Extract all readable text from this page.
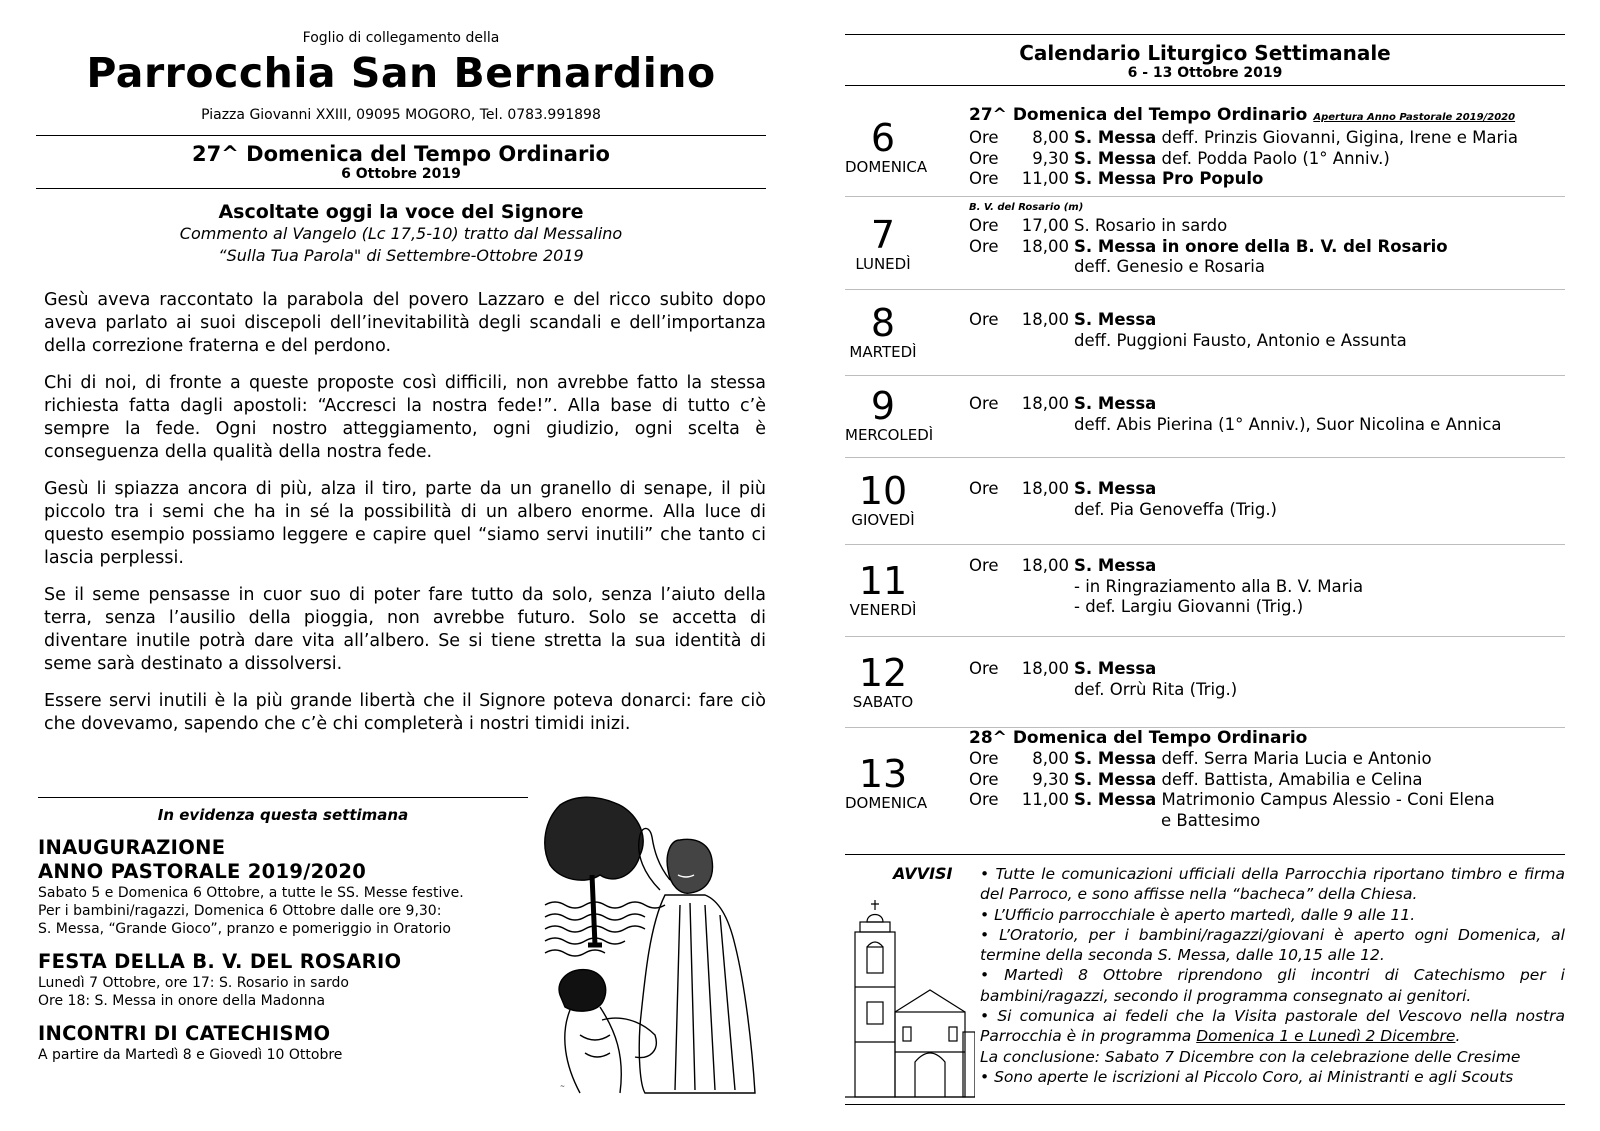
Foglio di collegamento della
Parrocchia San Bernardino
Piazza Giovanni XXIII, 09095 MOGORO, Tel. 0783.991898
27^ Domenica del Tempo Ordinario
6 Ottobre 2019
Ascoltate oggi la voce del Signore
Commento al Vangelo (Lc 17,5-10) tratto dal Messalino
“Sulla Tua Parola" di Settembre-Ottobre 2019

Gesù aveva raccontato la parabola del povero Lazzaro e del ricco subito dopo aveva parlato ai suoi discepoli dell’inevitabilità degli scandali e dell’importanza della correzione fraterna e del perdono.

Chi di noi, di fronte a queste proposte così difficili, non avrebbe fatto la stessa richiesta fatta dagli apostoli: “Accresci la nostra fede!”. Alla base di tutto c’è sempre la fede. Ogni nostro atteggiamento, ogni giudizio, ogni scelta è conseguenza della qualità della nostra fede.

Gesù li spiazza ancora di più, alza il tiro, parte da un granello di senape, il più piccolo tra i semi che ha in sé la possibilità di un albero enorme. Alla luce di questo esempio possiamo leggere e capire quel “siamo servi inutili” che tanto ci lascia perplessi.

Se il seme pensasse in cuor suo di poter fare tutto da solo, senza l’aiuto della terra, senza l’ausilio della pioggia, non avrebbe futuro. Solo se accetta di diventare inutile potrà dare vita all’albero. Se si tiene stretta la sua identità di seme sarà destinato a dissolversi.

Essere servi inutili è la più grande libertà che il Signore poteva donarci: fare ciò che dovevamo, sapendo che c’è chi completerà i nostri timidi inizi.

In evidenza questa settimana
INAUGURAZIONE
ANNO PASTORALE 2019/2020
Sabato 5 e Domenica 6 Ottobre, a tutte le SS. Messe festive.
Per i bambini/ragazzi, Domenica 6 Ottobre dalle ore 9,30:
S. Messa, “Grande Gioco”, pranzo e pomeriggio in Oratorio
FESTA DELLA B. V. DEL ROSARIO
Lunedì 7 Ottobre, ore 17: S. Rosario in sardo
Ore 18: S. Messa in onore della Madonna
INCONTRI DI CATECHISMO
A partire da Martedì 8 e Giovedì 10 Ottobre
~
Calendario Liturgico Settimanale
6 - 13 Ottobre 2019
6
DOMENICA
27^ Domenica del Tempo Ordinario Apertura Anno Pastorale 2019/2020
Ore 8,00 S. Messa deff. Prinzis Giovanni, Gigina, Irene e Maria
Ore 9,30 S. Messa def. Podda Paolo (1° Anniv.)
Ore 11,00 S. Messa Pro Populo
7
LUNEDÌ
B. V. del Rosario (m)
Ore 17,00 S. Rosario in sardo
Ore 18,00 S. Messa in onore della B. V. del Rosario
deff. Genesio e Rosaria
8
MARTEDÌ
Ore 18,00 S. Messa
deff. Puggioni Fausto, Antonio e Assunta
9
MERCOLEDÌ
Ore 18,00 S. Messa
deff. Abis Pierina (1° Anniv.), Suor Nicolina e Annica
10
GIOVEDÌ
Ore 18,00 S. Messa
def. Pia Genoveffa (Trig.)
11
VENERDÌ
Ore 18,00 S. Messa
- in Ringraziamento alla B. V. Maria
- def. Largiu Giovanni (Trig.)
12
SABATO
Ore 18,00 S. Messa
def. Orrù Rita (Trig.)
13
DOMENICA
28^ Domenica del Tempo Ordinario
Ore 8,00 S. Messa deff. Serra Maria Lucia e Antonio
Ore 9,30 S. Messa deff. Battista, Amabilia e Celina
Ore 11,00 S. Messa Matrimonio Campus Alessio - Coni Elena
e Battesimo
AVVISI
•	Tutte le comunicazioni ufficiali della Parrocchia riportano timbro e firma del Parroco, e sono affisse nella “bacheca” della Chiesa.
• L’Ufficio parrocchiale è aperto martedì, dalle 9 alle 11.
• L’Oratorio, per i bambini/ragazzi/giovani è aperto ogni Domenica, al termine della seconda S. Messa, dalle 10,15 alle 12.
• Martedì 8 Ottobre riprendono gli incontri di Catechismo per i bambini/ragazzi, secondo il programma consegnato ai genitori.
• Si comunica ai fedeli che la Visita pastorale del Vescovo nella nostra Parrocchia è in programma Domenica 1 e Lunedì 2 Dicembre.
La conclusione: Sabato 7 Dicembre con la celebrazione delle Cresime
• Sono aperte le iscrizioni al Piccolo Coro, ai Ministranti e agli Scouts
